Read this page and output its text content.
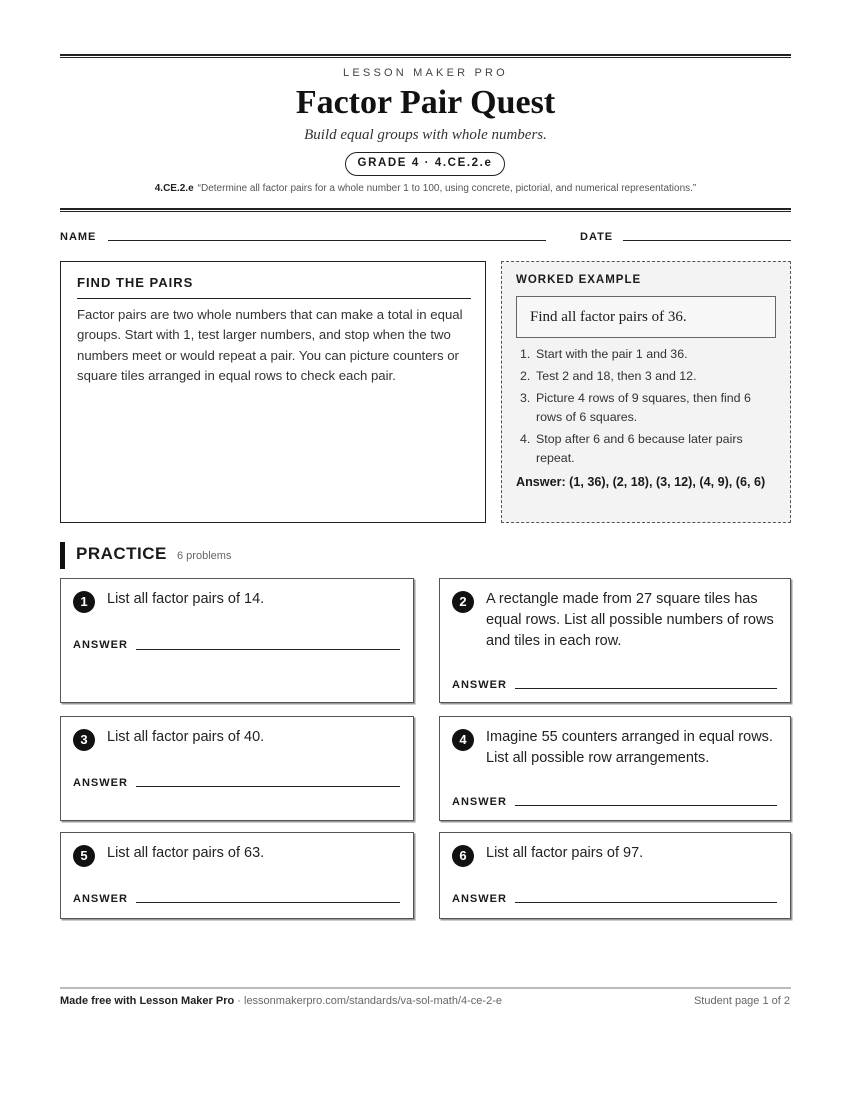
LESSON MAKER PRO
Factor Pair Quest
Build equal groups with whole numbers.
GRADE 4 · 4.CE.2.e
4.CE.2.e “Determine all factor pairs for a whole number 1 to 100, using concrete, pictorial, and numerical representations.”
NAME	DATE
FIND THE PAIRS

Factor pairs are two whole numbers that can make a total in equal groups. Start with 1, test larger numbers, and stop when the two numbers meet or would repeat a pair. You can picture counters or square tiles arranged in equal rows to check each pair.

WORKED EXAMPLE
Find all factor pairs of 36.
1. Start with the pair 1 and 36.
2. Test 2 and 18, then 3 and 12.
3. Picture 4 rows of 9 squares, then find 6 rows of 6 squares.
4. Stop after 6 and 6 because later pairs repeat.
Answer: (1, 36), (2, 18), (3, 12), (4, 9), (6, 6)
PRACTICE 6 problems
1	List all factor pairs of 14.
ANSWER
2	A rectangle made from 27 square tiles has equal rows. List all possible numbers of rows and tiles in each row.
ANSWER
3	List all factor pairs of 40.
ANSWER
4	Imagine 55 counters arranged in equal rows. List all possible row arrangements.
ANSWER
5	List all factor pairs of 63.
ANSWER
6	List all factor pairs of 97.
ANSWER
Made free with Lesson Maker Pro · lessonmakerpro.com/standards/va-sol-math/4-ce-2-e	Student page 1 of 2
